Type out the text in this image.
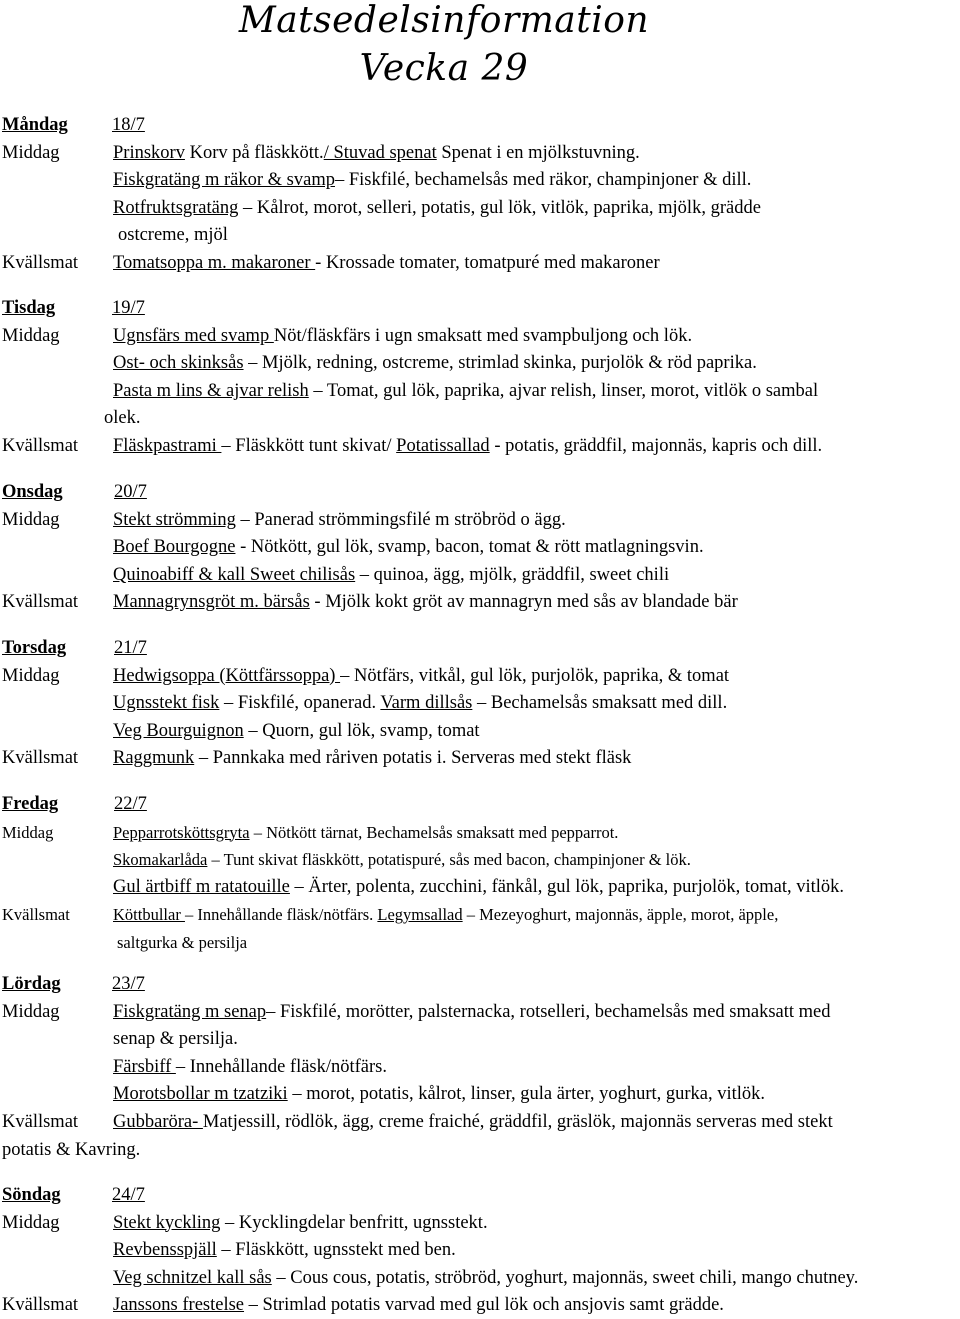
Matsedelsinformation
Vecka 29
Måndag 18/7
Middag	Prinskorv Korv på fläskkött./ Stuvad spenat Spenat i en mjölkstuvning.
Fiskgratäng m räkor & svamp– Fiskfilé, bechamelsås med räkor, champinjoner & dill.
Rotfruktsgratäng – Kålrot, morot, selleri, potatis, gul lök, vitlök, paprika, mjölk, grädde
ostcreme, mjöl
Kvällsmat Tomatsoppa m. makaroner - Krossade tomater, tomatpuré med makaroner
Tisdag	19/7
Middag	Ugnsfärs med svamp Nöt/fläskfärs i ugn smaksatt med svampbuljong och lök.
Ost- och skinksås – Mjölk, redning, ostcreme, strimlad skinka, purjolök & röd paprika.
Pasta m lins & ajvar relish – Tomat, gul lök, paprika, ajvar relish, linser, morot, vitlök o sambal
olek.
Kvällsmat Fläskpastrami – Fläskkött tunt skivat/ Potatissallad - potatis, gräddfil, majonnäs, kapris och dill.
Onsdag	20/7
Middag	Stekt strömming – Panerad strömmingsfilé m ströbröd o ägg.
Boef Bourgogne - Nötkött, gul lök, svamp, bacon, tomat & rött matlagningsvin.
Quinoabiff & kall Sweet chilisås – quinoa, ägg, mjölk, gräddfil, sweet chili
Kvällsmat Mannagrynsgröt m. bärsås - Mjölk kokt gröt av mannagryn med sås av blandade bär
Torsdag	21/7
Middag	Hedwigsoppa (Köttfärssoppa) – Nötfärs, vitkål, gul lök, purjolök, paprika, & tomat
Ugnsstekt fisk – Fiskfilé, opanerad. Varm dillsås – Bechamelsås smaksatt med dill.
Veg Bourguignon – Quorn, gul lök, svamp, tomat
Kvällsmat Raggmunk – Pannkaka med råriven potatis i. Serveras med stekt fläsk
Fredag	22/7
Middag	Pepparrotsköttsgryta – Nötkött tärnat, Bechamelsås smaksatt med pepparrot.
Skomakarlåda – Tunt skivat fläskkött, potatispuré, sås med bacon, champinjoner & lök.
Gul ärtbiff m ratatouille – Ärter, polenta, zucchini, fänkål, gul lök, paprika, purjolök, tomat, vitlök.
Kvällsmat	Köttbullar – Innehållande fläsk/nötfärs. Legymsallad – Mezeyoghurt, majonnäs, äpple, morot, äpple,
saltgurka & persilja
Lördag	23/7
Middag	Fiskgratäng m senap– Fiskfilé, morötter, palsternacka, rotselleri, bechamelsås med smaksatt med
senap & persilja.
Färsbiff – Innehållande fläsk/nötfärs.
Morotsbollar m tzatziki – morot, potatis, kålrot, linser, gula ärter, yoghurt, gurka, vitlök.
Kvällsmat Gubbaröra- Matjessill, rödlök, ägg, creme fraiché, gräddfil, gräslök, majonnäs serveras med stekt
potatis & Kavring.
Söndag	24/7
Middag	Stekt kyckling – Kycklingdelar benfritt, ugnsstekt.
Revbensspjäll – Fläskkött, ugnsstekt med ben.
Veg schnitzel kall sås – Cous cous, potatis, ströbröd, yoghurt, majonnäs, sweet chili, mango chutney.
Kvällsmat Janssons frestelse – Strimlad potatis varvad med gul lök och ansjovis samt grädde.
